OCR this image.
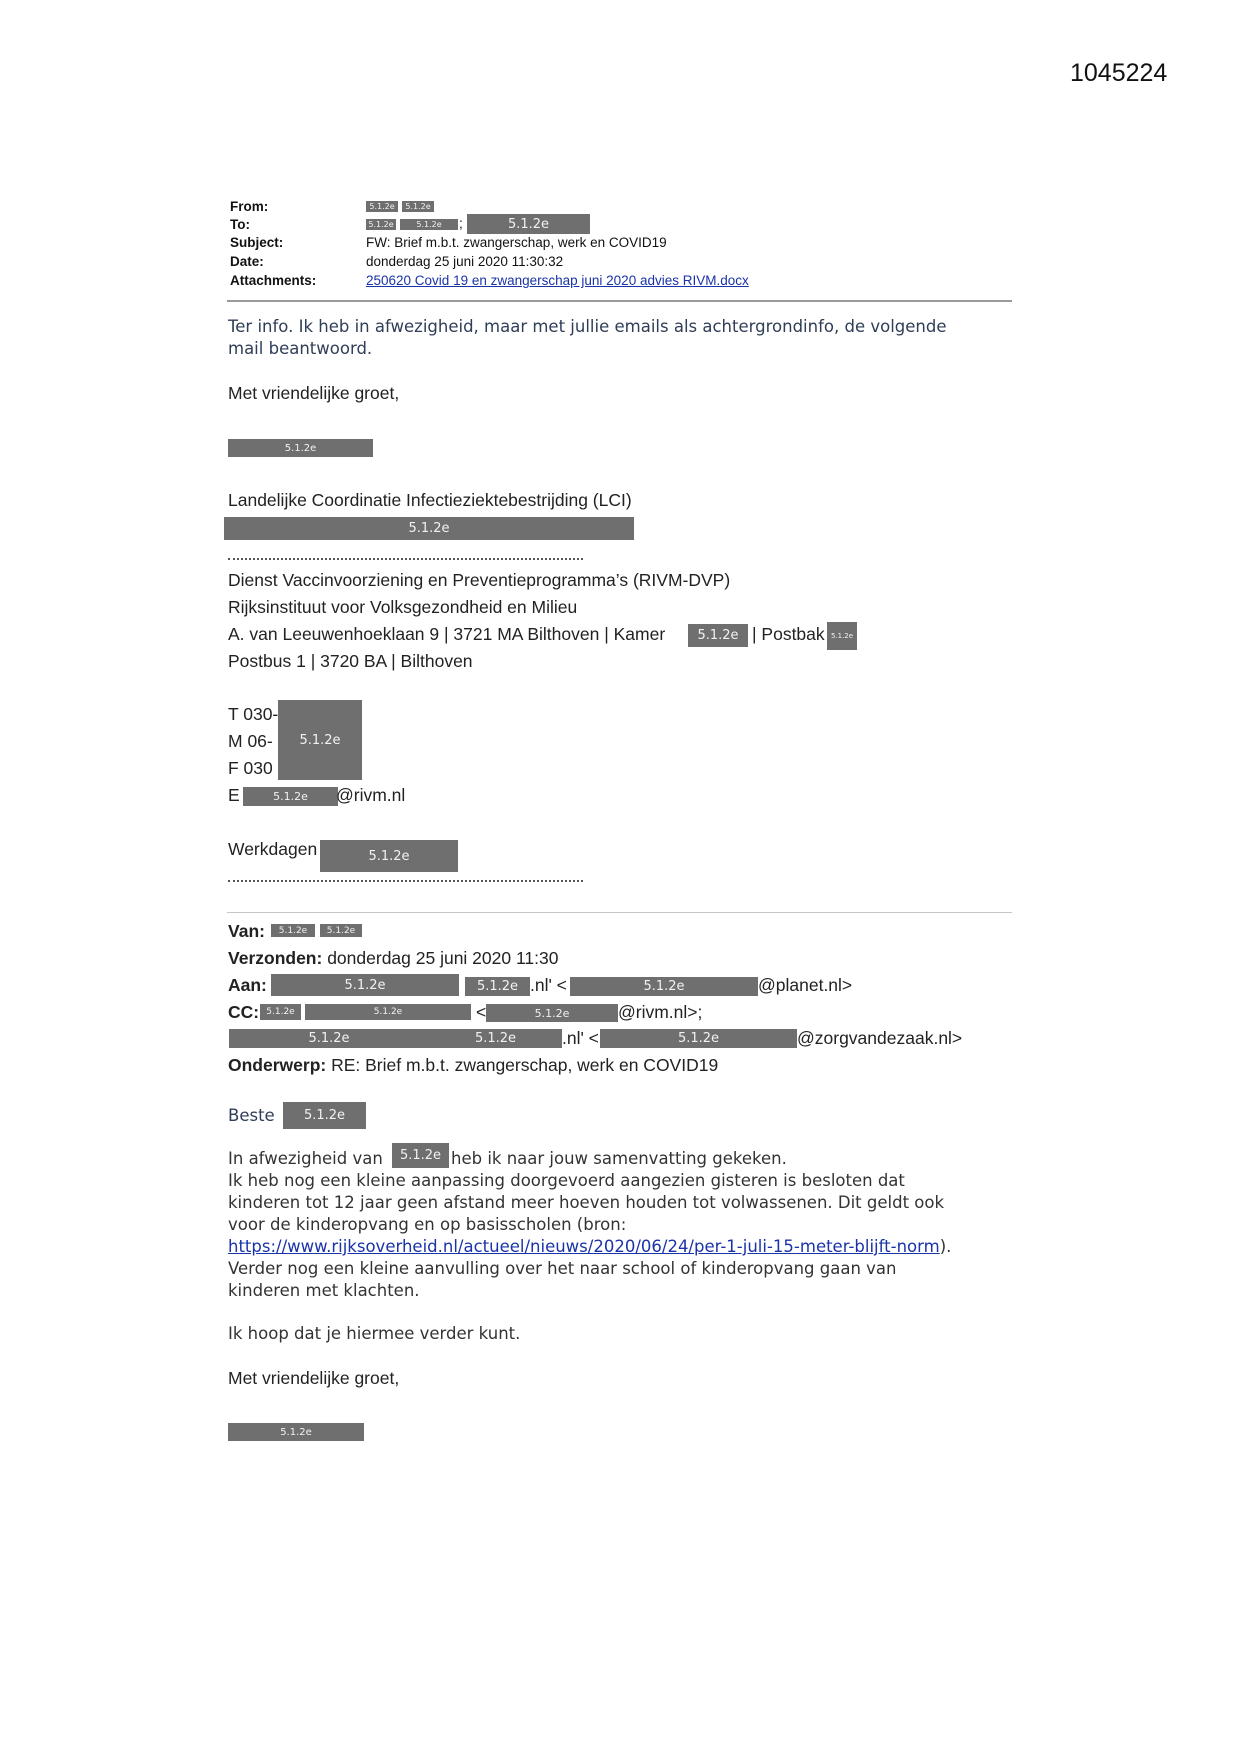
1045224
From:	5.1.2e	5.1.2e
To:	5.1.2e	5.1.2e	;	5.1.2e
Subject:	FW: Brief m.b.t. zwangerschap, werk en COVID19
Date:	donderdag 25 juni 2020 11:30:32
Attachments:	250620 Covid 19 en zwangerschap juni 2020 advies RIVM.docx
Ter info. Ik heb in afwezigheid, maar met jullie emails als achtergrondinfo, de volgende
mail beantwoord.
Met vriendelijke groet,
5.1.2e
Landelijke Coordinatie Infectieziektebestrijding (LCI)
5.1.2e
Dienst Vaccinvoorziening en Preventieprogramma’s (RIVM-DVP)
Rijksinstituut voor Volksgezondheid en Milieu
A. van Leeuwenhoeklaan 9 | 3721 MA Bilthoven | Kamer	5.1.2e | Postbak 5.1.2e
Postbus 1 | 3720 BA | Bilthoven
T 030-
M 06-
F 030
5.1.2e
E	5.1.2e	@rivm.nl
Werkdagen	5.1.2e
Van:	5.1.2e	5.1.2e
Verzonden: donderdag 25 juni 2020 11:30
Aan:	5.1.2e	5.1.2e .nl' <	5.1.2e	@planet.nl>
CC: 5.1.2e	5.1.2e	<	5.1.2e	@rivm.nl>;
5.1.2e	5.1.2e	.nl' <	5.1.2e	@zorgvandezaak.nl>
Onderwerp: RE: Brief m.b.t. zwangerschap, werk en COVID19
Beste	5.1.2e
In afwezigheid van	5.1.2e heb ik naar jouw samenvatting gekeken.
Ik heb nog een kleine aanpassing doorgevoerd aangezien gisteren is besloten dat
kinderen tot 12 jaar geen afstand meer hoeven houden tot volwassenen. Dit geldt ook
voor de kinderopvang en op basisscholen (bron:
https://www.rijksoverheid.nl/actueel/nieuws/2020/06/24/per-1-juli-15-meter-blijft-norm).
Verder nog een kleine aanvulling over het naar school of kinderopvang gaan van
kinderen met klachten.
Ik hoop dat je hiermee verder kunt.
Met vriendelijke groet,
5.1.2e
